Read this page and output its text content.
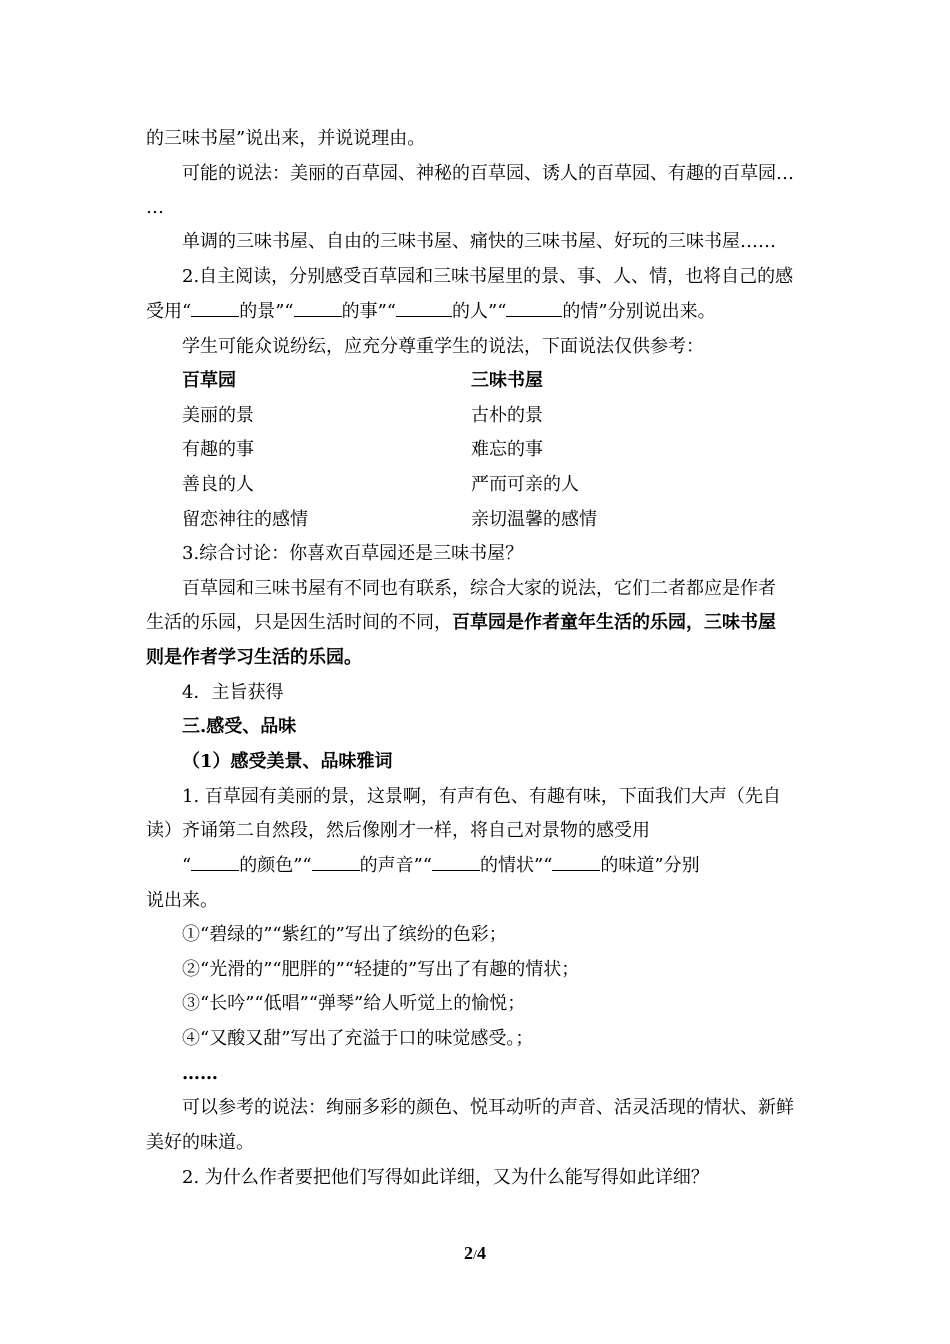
的三味书屋”说出来，并说说理由。
可能的说法：美丽的百草园、神秘的百草园、诱人的百草园、有趣的百草园…
…
单调的三味书屋、自由的三味书屋、痛快的三味书屋、好玩的三味书屋……
2.自主阅读，分别感受百草园和三味书屋里的景、事、人、情，也将自己的感
受用“	的景”“	的事”“	的人”“	的情”分别说出来。
学生可能众说纷纭，应充分尊重学生的说法，下面说法仅供参考：
百草园	三味书屋
美丽的景	古朴的景
有趣的事	难忘的事
善良的人	严而可亲的人
留恋神往的感情	亲切温馨的感情
3.综合讨论：你喜欢百草园还是三味书屋？
百草园和三味书屋有不同也有联系，综合大家的说法，它们二者都应是作者
生活的乐园，只是因生活时间的不同，百草园是作者童年生活的乐园，三味书屋
则是作者学习生活的乐园。
4．主旨获得
三.感受、品味
（1）感受美景、品味雅词
1. 百草园有美丽的景，这景啊，有声有色、有趣有味，下面我们大声（先自
读）齐诵第二自然段，然后像刚才一样，将自己对景物的感受用
“	的颜色”“	的声音”“	的情状”“	的味道”分别
说出来。
①“碧绿的”“紫红的”写出了缤纷的色彩；
②“光滑的”“肥胖的”“轻捷的”写出了有趣的情状；
③“长吟”“低唱”“弹琴”给人听觉上的愉悦；
④“又酸又甜”写出了充溢于口的味觉感受。；
……
可以参考的说法：绚丽多彩的颜色、悦耳动听的声音、活灵活现的情状、新鲜
美好的味道。
2. 为什么作者要把他们写得如此详细，又为什么能写得如此详细？
2/4
